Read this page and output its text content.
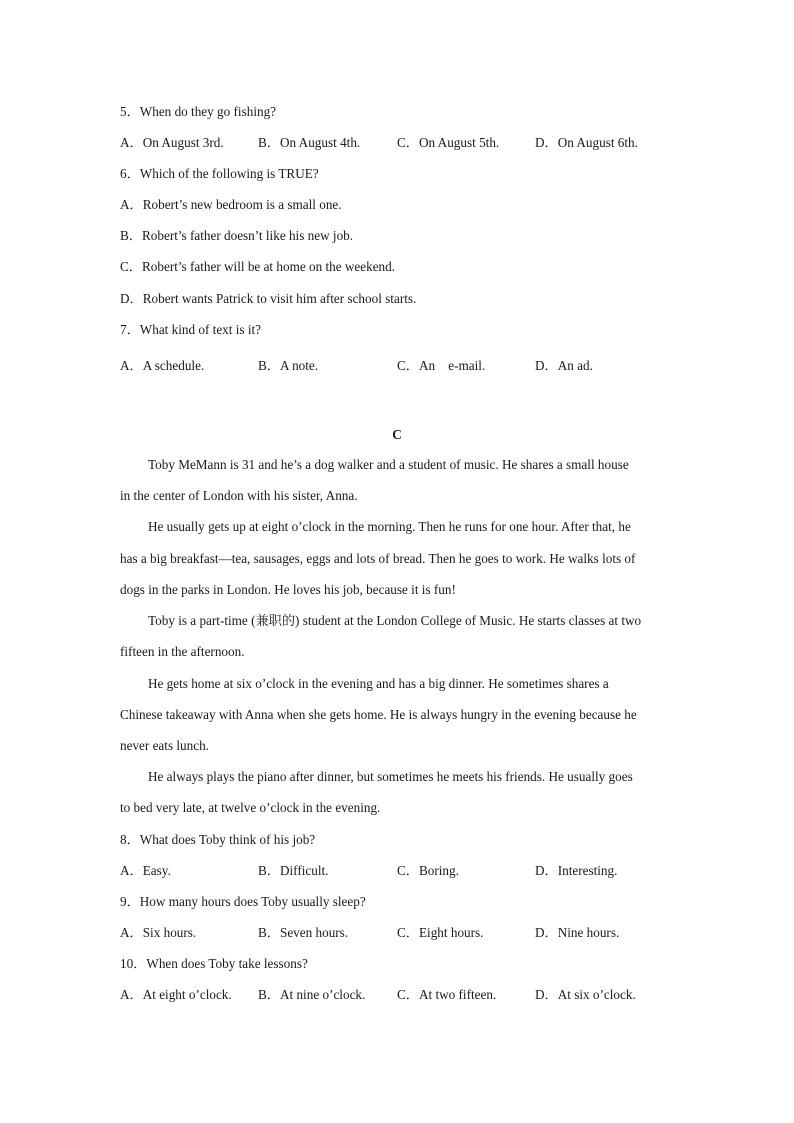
5．When do they go fishing?
A．On August 3rd.	B．On August 4th.	C．On August 5th.	D．On August 6th.
6．Which of the following is TRUE?
A．Robert’s new bedroom is a small one.
B．Robert’s father doesn’t like his new job.
C．Robert’s father will be at home on the weekend.
D．Robert wants Patrick to visit him after school starts.
7．What kind of text is it?
A．A schedule.	B．A note.	C．An　e-mail.	D．An ad.
C
Toby MeMann is 31 and he’s a dog walker and a student of music. He shares a small house
in the center of London with his sister, Anna.
He usually gets up at eight o’clock in the morning. Then he runs for one hour. After that, he
has a big breakfast—tea, sausages, eggs and lots of bread. Then he goes to work. He walks lots of
dogs in the parks in London. He loves his job, because it is fun!
Toby is a part-time (兼职的) student at the London College of Music. He starts classes at two
fifteen in the afternoon.
He gets home at six o’clock in the evening and has a big dinner. He sometimes shares a
Chinese takeaway with Anna when she gets home. He is always hungry in the evening because he
never eats lunch.
He always plays the piano after dinner, but sometimes he meets his friends. He usually goes
to bed very late, at twelve o’clock in the evening.
8．What does Toby think of his job?
A．Easy.	B．Difficult.	C．Boring.	D．Interesting.
9．How many hours does Toby usually sleep?
A．Six hours.	B．Seven hours.	C．Eight hours.	D．Nine hours.
10．When does Toby take lessons?
A．At eight o’clock. B．At nine o’clock. C．At two fifteen.	D．At six o’clock.
